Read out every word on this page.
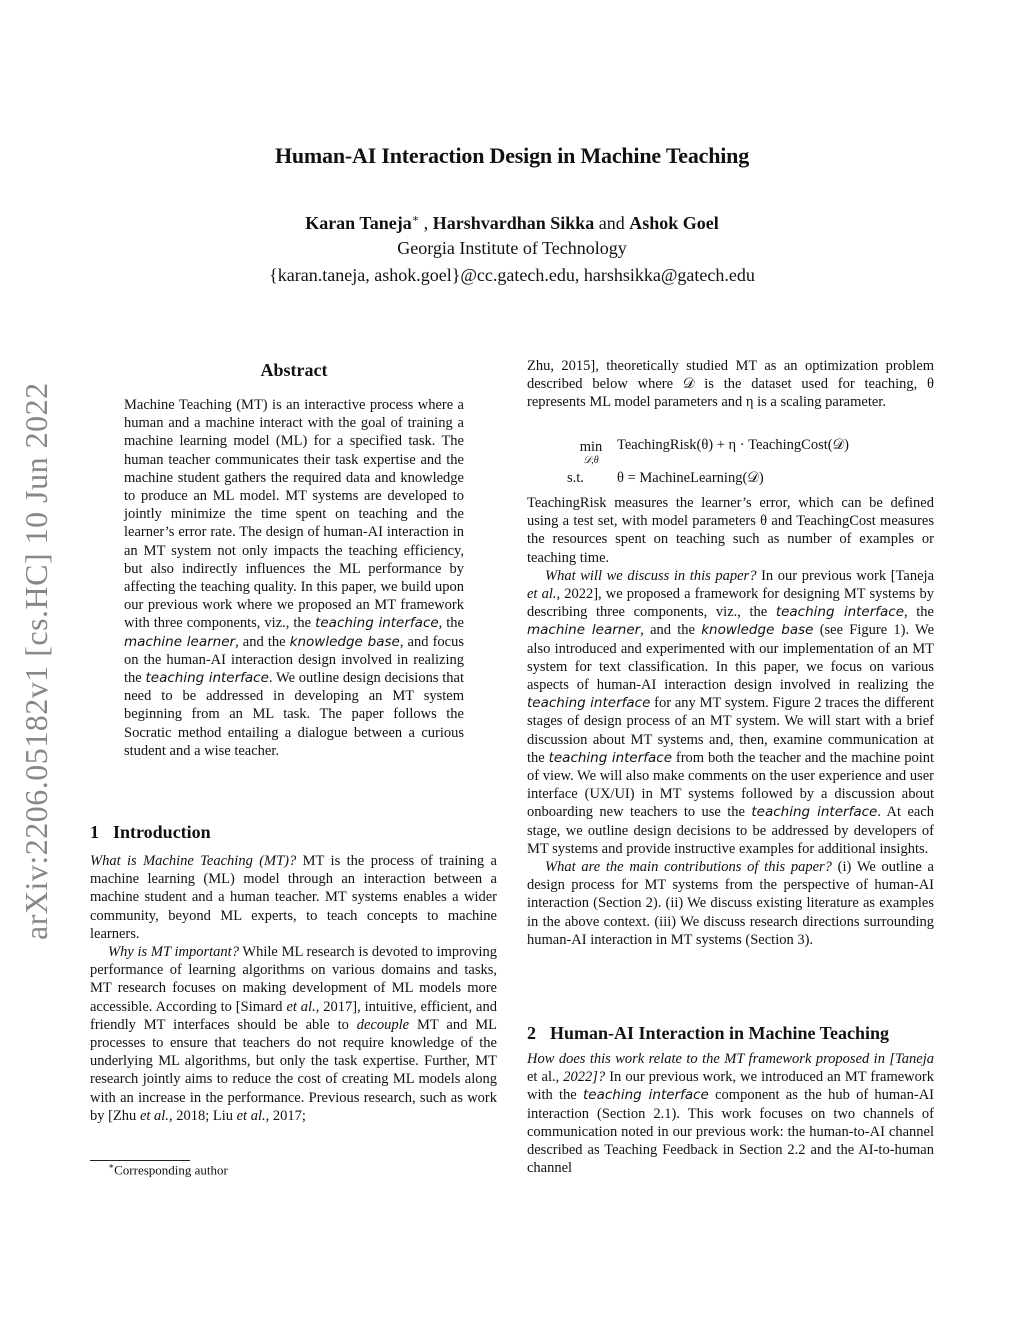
Human-AI Interaction Design in Machine Teaching
Karan Taneja∗ , Harshvardhan Sikka and Ashok Goel
Georgia Institute of Technology
{karan.taneja, ashok.goel}@cc.gatech.edu, harshsikka@gatech.edu
arXiv:2206.05182v1 [cs.HC] 10 Jun 2022
Abstract
Machine Teaching (MT) is an interactive process where a human and a machine interact with the goal of training a machine learning model (ML) for a specified task. The human teacher communicates their task expertise and the machine student gathers the required data and knowledge to produce an ML model. MT systems are developed to jointly minimize the time spent on teaching and the learner’s error rate. The design of human-AI interaction in an MT system not only impacts the teaching efficiency, but also indirectly influences the ML performance by affecting the teaching quality. In this paper, we build upon our previous work where we proposed an MT framework with three components, viz., the teaching interface, the machine learner, and the knowledge base, and focus on the human-AI interaction design involved in realizing the teaching interface. We outline design decisions that need to be addressed in developing an MT system beginning from an ML task. The paper follows the Socratic method entailing a dialogue between a curious student and a wise teacher.
1 Introduction

What is Machine Teaching (MT)? MT is the process of training a machine learning (ML) model through an interaction between a machine student and a human teacher. MT systems enables a wider community, beyond ML experts, to teach concepts to machine learners.

Why is MT important? While ML research is devoted to improving performance of learning algorithms on various domains and tasks, MT research focuses on making development of ML models more accessible. According to [Simard et al., 2017], intuitive, efficient, and friendly MT interfaces should be able to decouple MT and ML processes to ensure that teachers do not require knowledge of the underlying ML algorithms, but only the task expertise. Further, MT research jointly aims to reduce the cost of creating ML models along with an increase in the performance. Previous research, such as work by [Zhu et al., 2018; Liu et al., 2017;

∗Corresponding author

Zhu, 2015], theoretically studied MT as an optimization problem described below where 𝒟 is the dataset used for teaching, θ represents ML model parameters and η is a scaling parameter.

min
𝒟,θ
TeachingRisk(θ) + η · TeachingCost(𝒟)
s.t. θ = MachineLearning(𝒟)

TeachingRisk measures the learner’s error, which can be defined using a test set, with model parameters θ and TeachingCost measures the resources spent on teaching such as number of examples or teaching time.

What will we discuss in this paper? In our previous work [Taneja et al., 2022], we proposed a framework for designing MT systems by describing three components, viz., the teaching interface, the machine learner, and the knowledge base (see Figure 1). We also introduced and experimented with our implementation of an MT system for text classification. In this paper, we focus on various aspects of human-AI interaction design involved in realizing the teaching interface for any MT system. Figure 2 traces the different stages of design process of an MT system. We will start with a brief discussion about MT systems and, then, examine communication at the teaching interface from both the teacher and the machine point of view. We will also make comments on the user experience and user interface (UX/UI) in MT systems followed by a discussion about onboarding new teachers to use the teaching interface. At each stage, we outline design decisions to be addressed by developers of MT systems and provide instructive examples for additional insights.

What are the main contributions of this paper? (i) We outline a design process for MT systems from the perspective of human-AI interaction (Section 2). (ii) We discuss existing literature as examples in the above context. (iii) We discuss research directions surrounding human-AI interaction in MT systems (Section 3).

2 Human-AI Interaction in Machine Teaching

How does this work relate to the MT framework proposed in [Taneja et al., 2022]? In our previous work, we introduced an MT framework with the teaching interface component as the hub of human-AI interaction (Section 2.1). This work focuses on two channels of communication noted in our previous work: the human-to-AI channel described as Teaching Feedback in Section 2.2 and the AI-to-human channel
